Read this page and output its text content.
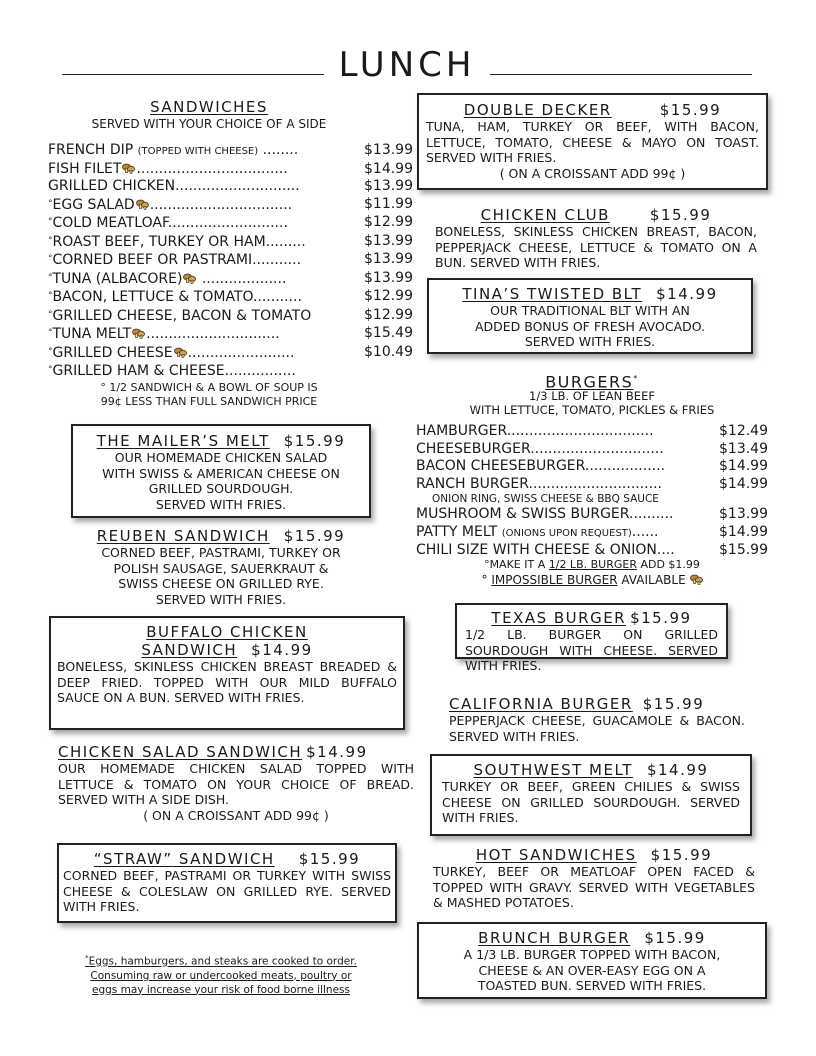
LUNCH
SANDWICHES
SERVED WITH YOUR CHOICE OF A SIDE
FRENCH DIP (TOPPED WITH CHEESE) ........	$13.99
FISH FILET ..................................	$14.99
GRILLED CHICKEN............................	$13.99
°EGG SALAD ................................	$11.99
°COLD MEATLOAF...........................	$12.99
°ROAST BEEF, TURKEY OR HAM.........	$13.99
°CORNED BEEF OR PASTRAMI...........	$13.99
°TUNA (ALBACORE) ...................	$13.99
°BACON, LETTUCE & TOMATO...........	$12.99
°GRILLED CHEESE, BACON & TOMATO	$12.99
°TUNA MELT ..............................	$15.49
°GRILLED CHEESE ........................	$10.49
°GRILLED HAM & CHEESE................
° 1/2 SANDWICH & A BOWL OF SOUP IS
99¢ LESS THAN FULL SANDWICH PRICE
THE MAILER’S MELT $15.99
OUR HOMEMADE CHICKEN SALAD
WITH SWISS & AMERICAN CHEESE ON
GRILLED SOURDOUGH.
SERVED WITH FRIES.
REUBEN SANDWICH $15.99
CORNED BEEF, PASTRAMI, TURKEY OR
POLISH SAUSAGE, SAUERKRAUT &
SWISS CHEESE ON GRILLED RYE.
SERVED WITH FRIES.
BUFFALO CHICKEN
SANDWICH $14.99
BONELESS, SKINLESS CHICKEN BREAST BREADED & DEEP FRIED. TOPPED WITH OUR MILD BUFFALO SAUCE ON A BUN. SERVED WITH FRIES.
CHICKEN SALAD SANDWICH $14.99
OUR HOMEMADE CHICKEN SALAD TOPPED WITH LETTUCE & TOMATO ON YOUR CHOICE OF BREAD. SERVED WITH A SIDE DISH.
( ON A CROISSANT ADD 99¢ )
“STRAW” SANDWICH $15.99
CORNED BEEF, PASTRAMI OR TURKEY WITH SWISS CHEESE & COLESLAW ON GRILLED RYE. SERVED WITH FRIES.
*Eggs, hamburgers, and steaks are cooked to order.
Consuming raw or undercooked meats, poultry or
eggs may increase your risk of food borne illness
DOUBLE DECKER	$15.99
TUNA, HAM, TURKEY OR BEEF, WITH BACON, LETTUCE, TOMATO, CHEESE & MAYO ON TOAST. SERVED WITH FRIES.
( ON A CROISSANT ADD 99¢ )
CHICKEN CLUB	$15.99
BONELESS, SKINLESS CHICKEN BREAST, BACON, PEPPERJACK CHEESE, LETTUCE & TOMATO ON A BUN. SERVED WITH FRIES.
TINA’S TWISTED BLT $14.99
OUR TRADITIONAL BLT WITH AN
ADDED BONUS OF FRESH AVOCADO.
SERVED WITH FRIES.
BURGERS*
1/3 LB. OF LEAN BEEF
WITH LETTUCE, TOMATO, PICKLES & FRIES
HAMBURGER.................................	$12.49
CHEESEBURGER..............................	$13.49
BACON CHEESEBURGER..................	$14.99
RANCH BURGER..............................	$14.99
ONION RING, SWISS CHEESE & BBQ SAUCE
MUSHROOM & SWISS BURGER..........	$13.99
PATTY MELT (ONIONS UPON REQUEST)......	$14.99
CHILI SIZE WITH CHEESE & ONION....	$15.99
°MAKE IT A 1/2 LB. BURGER ADD $1.99
° IMPOSSIBLE BURGER AVAILABLE
TEXAS BURGER $15.99
1/2 LB. BURGER ON GRILLED SOURDOUGH WITH CHEESE. SERVED WITH FRIES.
CALIFORNIA BURGER $15.99
PEPPERJACK CHEESE, GUACAMOLE & BACON. SERVED WITH FRIES.
SOUTHWEST MELT $14.99
TURKEY OR BEEF, GREEN CHILIES & SWISS CHEESE ON GRILLED SOURDOUGH. SERVED WITH FRIES.
HOT SANDWICHES $15.99
TURKEY, BEEF OR MEATLOAF OPEN FACED & TOPPED WITH GRAVY. SERVED WITH VEGETABLES & MASHED POTATOES.
BRUNCH BURGER $15.99
A 1/3 LB. BURGER TOPPED WITH BACON,
CHEESE & AN OVER-EASY EGG ON A
TOASTED BUN. SERVED WITH FRIES.
